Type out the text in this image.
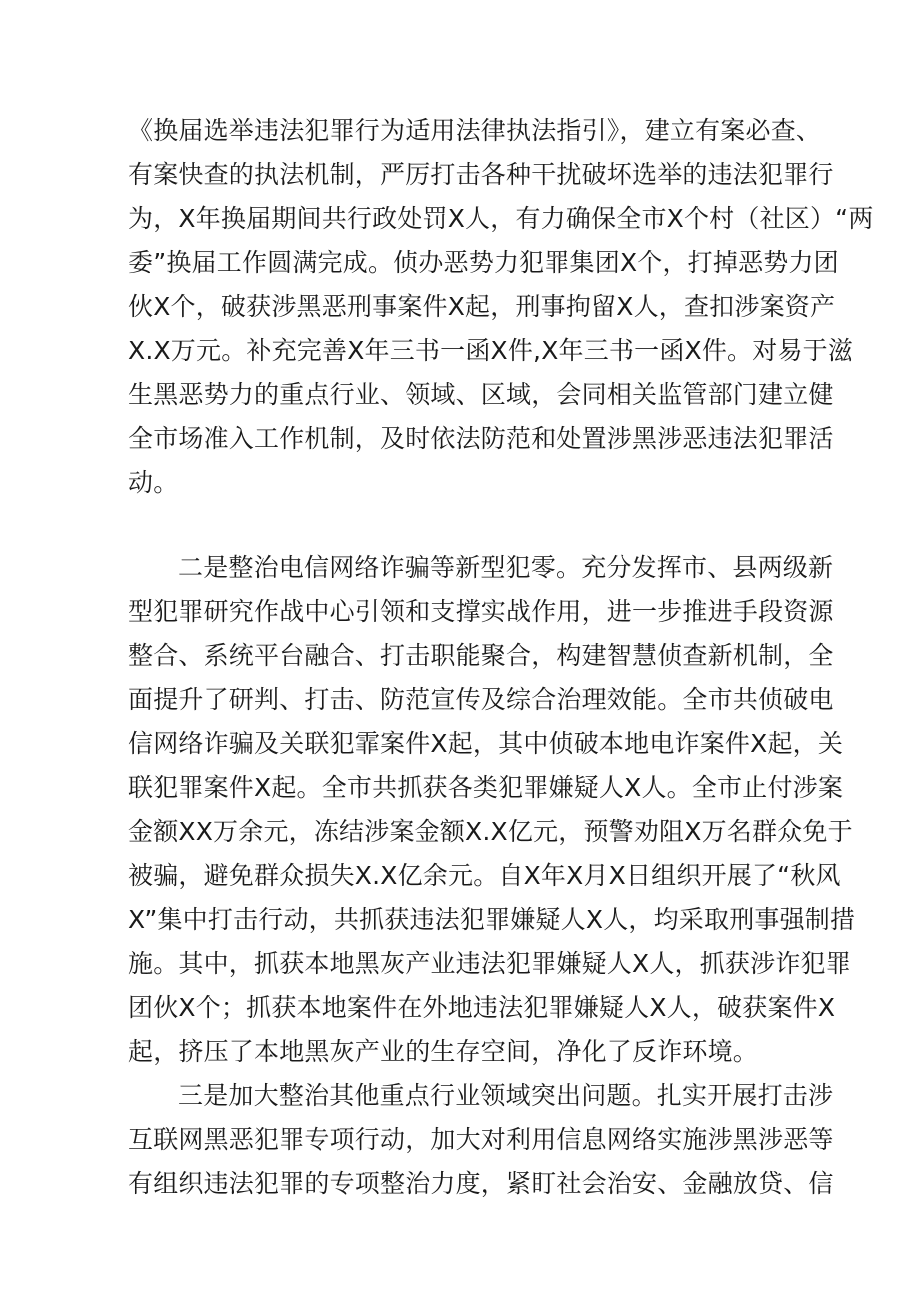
《换届选举违法犯罪行为适用法律执法指引》，建立有案必查、
有案快查的执法机制，严厉打击各种干扰破坏选举的违法犯罪行
为，X年换届期间共行政处罚X人，有力确保全市X个村（社区）“两
委”换届工作圆满完成。侦办恶势力犯罪集团X个，打掉恶势力团
伙X个，破获涉黑恶刑事案件X起，刑事拘留X人，查扣涉案资产
X.X万元。补充完善X年三书一函X件,X年三书一函X件。对易于滋
生黑恶势力的重点行业、领域、区域，会同相关监管部门建立健
全市场准入工作机制，及时依法防范和处置涉黑涉恶违法犯罪活
动。
二是整治电信网络诈骗等新型犯零。充分发挥市、县两级新
型犯罪研究作战中心引领和支撑实战作用，进一步推进手段资源
整合、系统平台融合、打击职能聚合，构建智慧侦查新机制，全
面提升了研判、打击、防范宣传及综合治理效能。全市共侦破电
信网络诈骗及关联犯霏案件X起，其中侦破本地电诈案件X起，关
联犯罪案件X起。全市共抓获各类犯罪嫌疑人X人。全市止付涉案
金额XX万余元，冻结涉案金额X.X亿元，预警劝阻X万名群众免于
被骗，避免群众损失X.X亿余元。自X年X月X日组织开展了“秋风
X”集中打击行动，共抓获违法犯罪嫌疑人X人，均采取刑事强制措
施。其中，抓获本地黑灰产业违法犯罪嫌疑人X人，抓获涉诈犯罪
团伙X个；抓获本地案件在外地违法犯罪嫌疑人X人，破获案件X
起，挤压了本地黑灰产业的生存空间，净化了反诈环境。
三是加大整治其他重点行业领域突出问题。扎实开展打击涉
互联网黑恶犯罪专项行动，加大对利用信息网络实施涉黑涉恶等
有组织违法犯罪的专项整治力度，紧盯社会治安、金融放贷、信
